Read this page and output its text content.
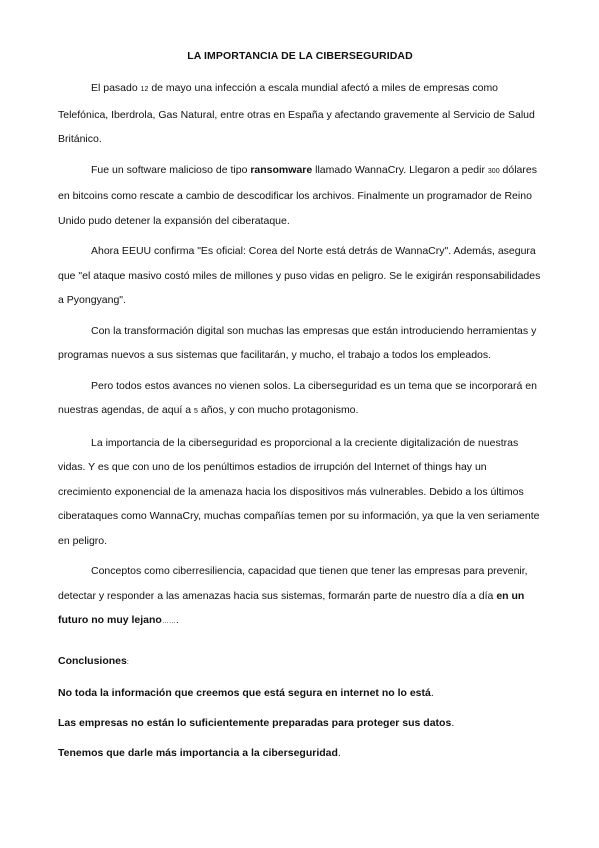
LA IMPORTANCIA DE LA CIBERSEGURIDAD

El pasado 12 de mayo una infección a escala mundial afectó a miles de empresas como Telefónica, Iberdrola, Gas Natural, entre otras en España y afectando gravemente al Servicio de Salud Británico.

Fue un software malicioso de tipo ransomware llamado WannaCry. Llegaron a pedir 300 dólares en bitcoins como rescate a cambio de descodificar los archivos. Finalmente un programador de Reino Unido pudo detener la expansión del ciberataque.

Ahora EEUU confirma "Es oficial: Corea del Norte está detrás de WannaCry". Además, asegura que "el ataque masivo costó miles de millones y puso vidas en peligro. Se le exigirán responsabilidades a Pyongyang".

Con la transformación digital son muchas las empresas que están introduciendo herramientas y programas nuevos a sus sistemas que facilitarán, y mucho, el trabajo a todos los empleados.

Pero todos estos avances no vienen solos. La ciberseguridad es un tema que se incorporará en nuestras agendas, de aquí a 5 años, y con mucho protagonismo.

La importancia de la ciberseguridad es proporcional a la creciente digitalización de nuestras vidas. Y es que con uno de los penúltimos estadios de irrupción del Internet of things hay un crecimiento exponencial de la amenaza hacia los dispositivos más vulnerables. Debido a los últimos ciberataques como WannaCry, muchas compañías temen por su información, ya que la ven seriamente en peligro.

Conceptos como ciberresiliencia, capacidad que tienen que tener las empresas para prevenir, detectar y responder a las amenazas hacia sus sistemas, formarán parte de nuestro día a día en un futuro no muy lejano…….

Conclusiones:
No toda la información que creemos que está segura en internet no lo está.
Las empresas no están lo suficientemente preparadas para proteger sus datos.
Tenemos que darle más importancia a la ciberseguridad.
